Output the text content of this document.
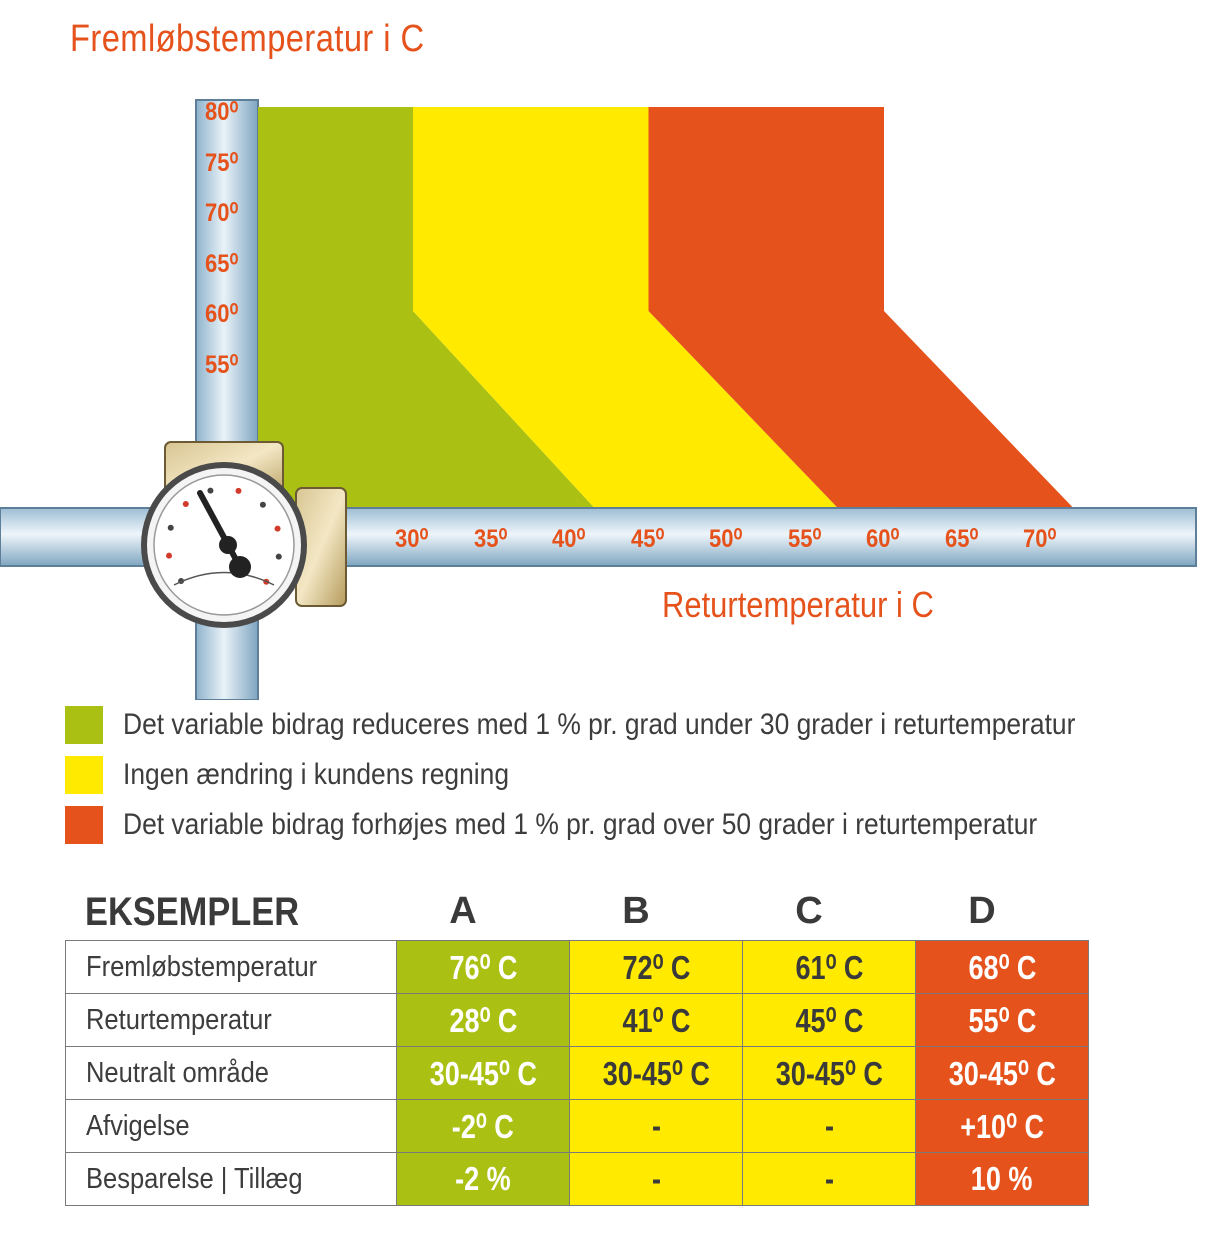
Fremløbstemperatur i C
80⁰
75⁰
70⁰
65⁰
60⁰
55⁰
30⁰ 35⁰ 40⁰ 45⁰ 50⁰ 55⁰ 60⁰ 65⁰ 70⁰
Returtemperatur i C
Det variable bidrag reduceres med 1 % pr. grad under 30 grader i returtemperatur
Ingen ændring i kundens regning
Det variable bidrag forhøjes med 1 % pr. grad over 50 grader i returtemperatur
EKSEMPLER	A	B	C	D
Fremløbstemperatur	76⁰ C	72⁰ C	61⁰ C	68⁰ C
Returtemperatur	28⁰ C	41⁰ C	45⁰ C	55⁰ C
Neutralt område	30-45⁰ C	30-45⁰ C	30-45⁰ C	30-45⁰ C
Afvigelse	-2⁰ C	-	-	+10⁰ C
Besparelse | Tillæg	-2 %	-	-	10 %
